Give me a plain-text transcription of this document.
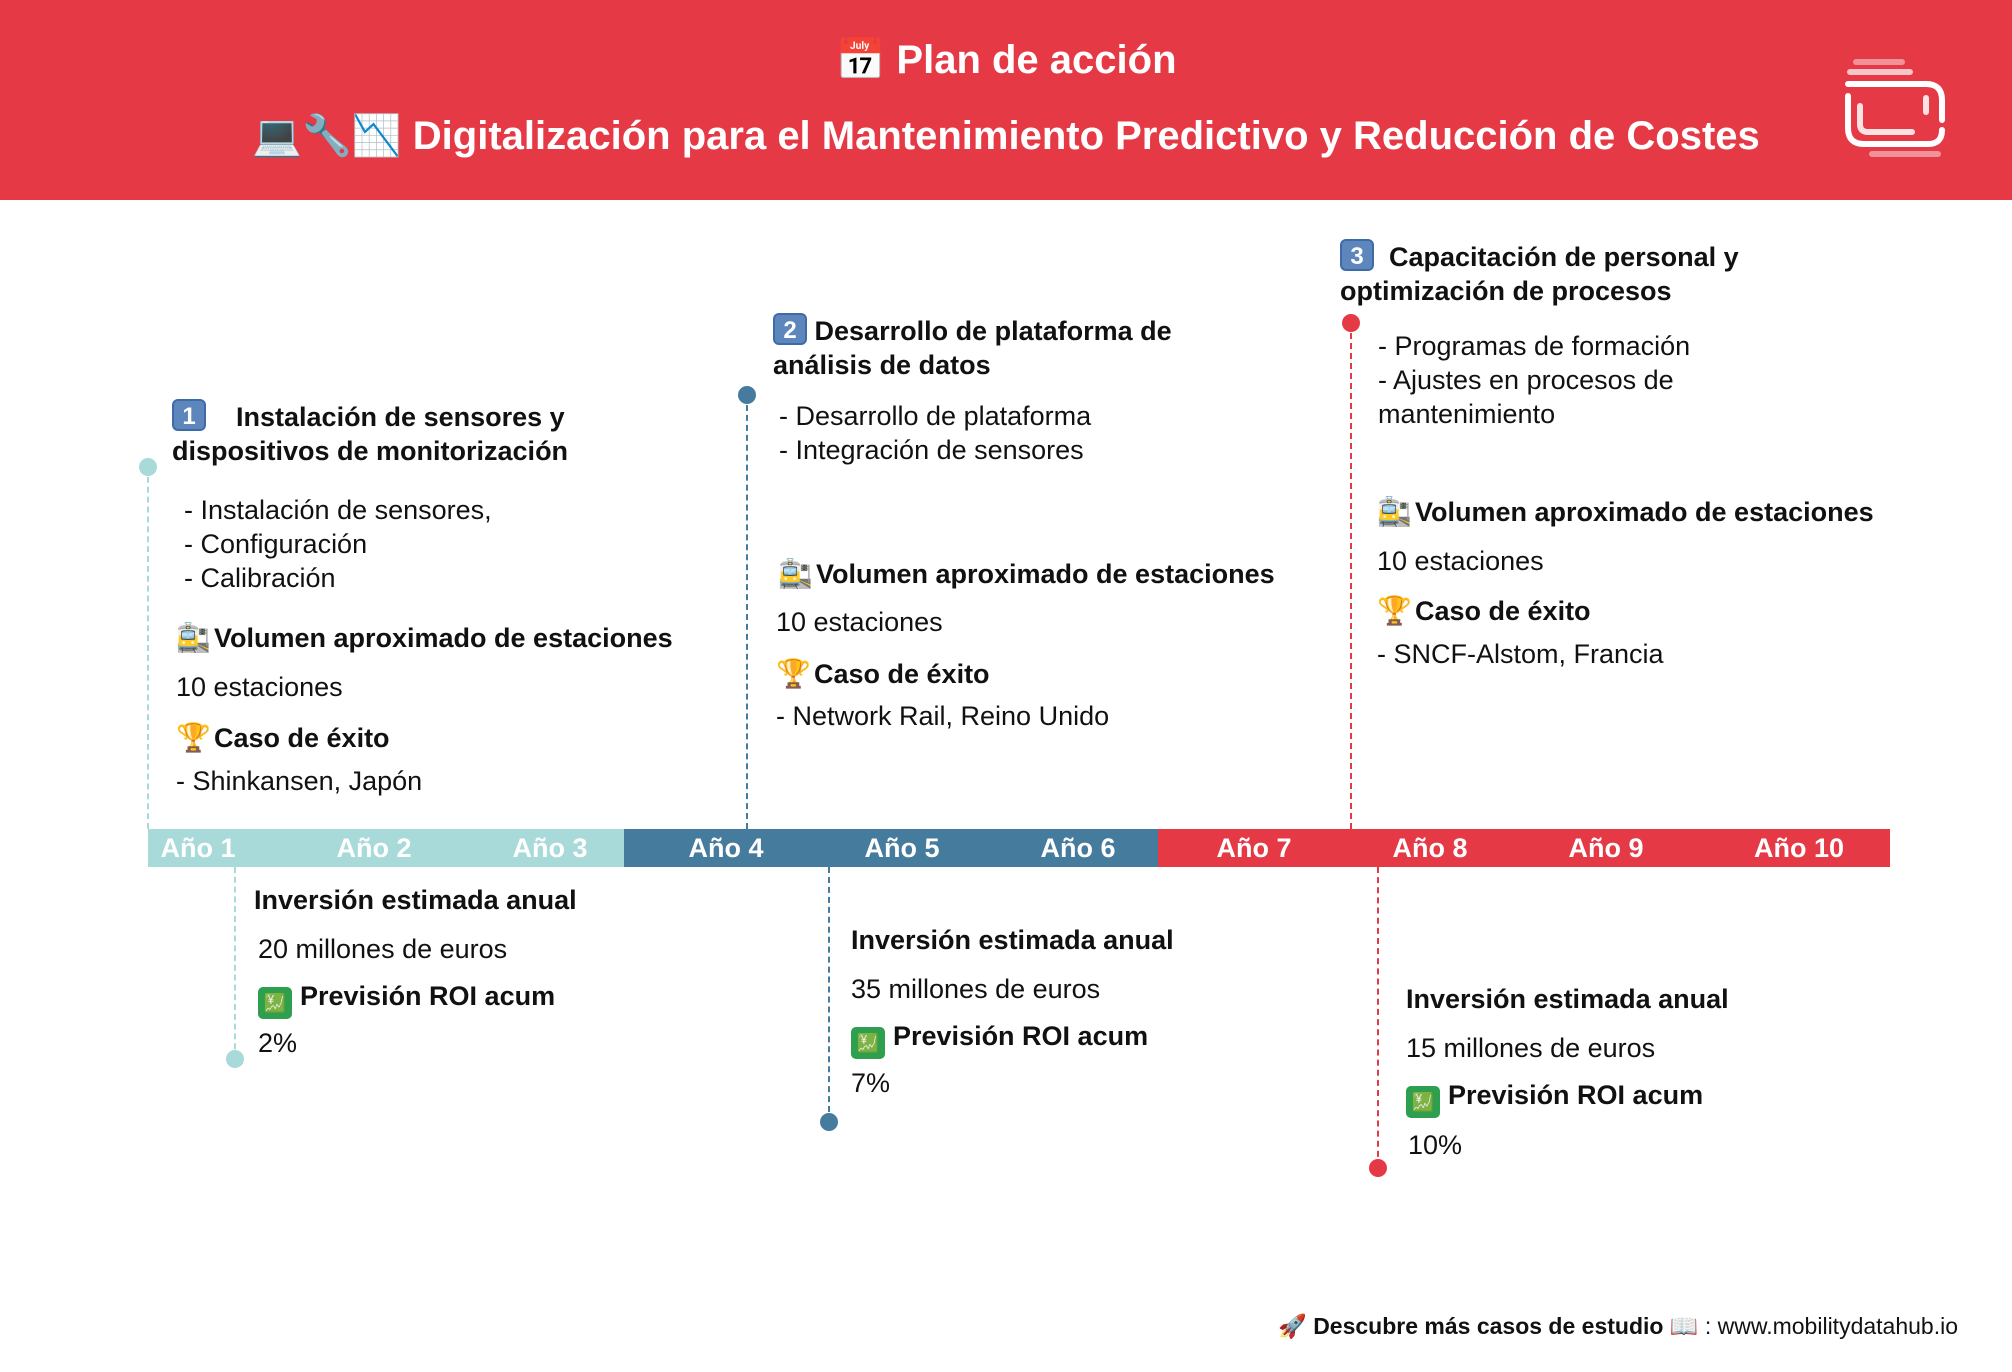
📅 Plan de acción
💻🔧📉 Digitalización para el Mantenimiento Predictivo y Reducción de Costes
1 Instalación de sensores y
dispositivos de monitorización
- Instalación de sensores,
- Configuración
- Calibración
🚉 Volumen aproximado de estaciones
10 estaciones
🏆 Caso de éxito
- Shinkansen, Japón
2 Desarrollo de plataforma de
análisis de datos
- Desarrollo de plataforma
- Integración de sensores
🚉 Volumen aproximado de estaciones
10 estaciones
🏆 Caso de éxito
- Network Rail, Reino Unido
3 Capacitación de personal y
optimización de procesos
- Programas de formación
- Ajustes en procesos de
mantenimiento
🚉 Volumen aproximado de estaciones
10 estaciones
🏆 Caso de éxito
- SNCF-Alstom, Francia
Año 1	Año 2	Año 3	Año 4	Año 5	Año 6	Año 7	Año 8	Año 9	Año 10
Inversión estimada anual
20 millones de euros
💹 Previsión ROI acum
2%
Inversión estimada anual
35 millones de euros
💹 Previsión ROI acum
7%
Inversión estimada anual
15 millones de euros
💹 Previsión ROI acum
10%
🚀 Descubre más casos de estudio 📖 : www.mobilitydatahub.io
